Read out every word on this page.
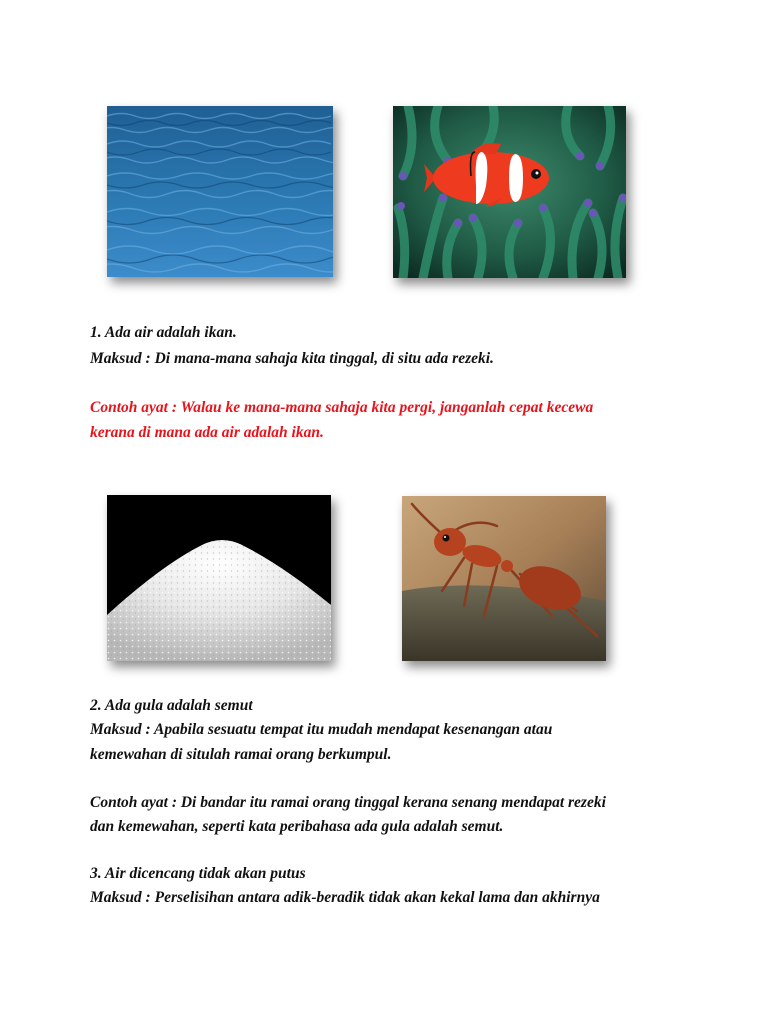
1. Ada air adalah ikan.
Maksud : Di mana-mana sahaja kita tinggal, di situ ada rezeki.
Contoh ayat : Walau ke mana-mana sahaja kita pergi, janganlah cepat kecewa
kerana di mana ada air adalah ikan.
2. Ada gula adalah semut
Maksud : Apabila sesuatu tempat itu mudah mendapat kesenangan atau
kemewahan di situlah ramai orang berkumpul.
Contoh ayat : Di bandar itu ramai orang tinggal kerana senang mendapat rezeki
dan kemewahan, seperti kata peribahasa ada gula adalah semut.
3. Air dicencang tidak akan putus
Maksud : Perselisihan antara adik-beradik tidak akan kekal lama dan akhirnya
